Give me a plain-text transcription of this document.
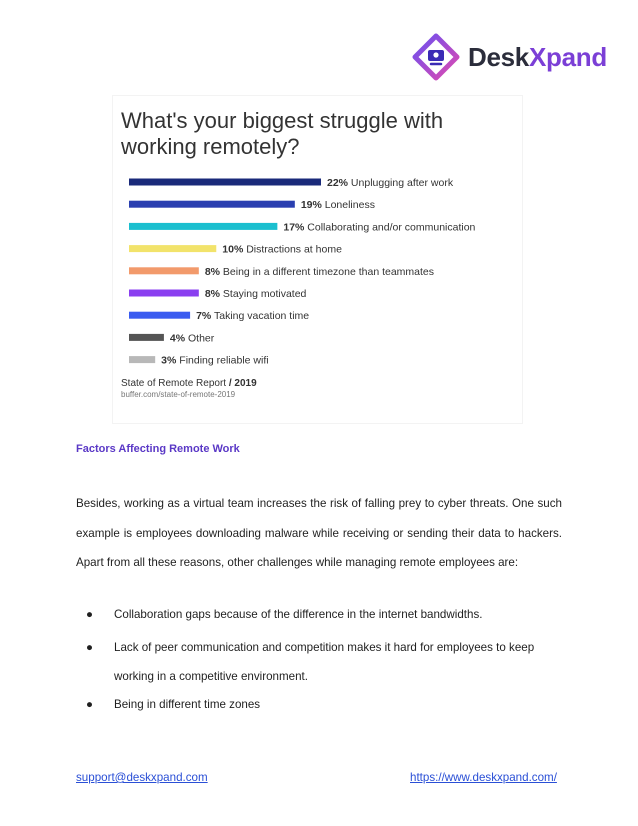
DeskXpand
What's your biggest struggle with
working remotely?
22% Unplugging after work
19% Loneliness
17% Collaborating and/or communication
10% Distractions at home
8% Being in a different timezone than teammates
8% Staying motivated
7% Taking vacation time
4% Other
3% Finding reliable wifi
State of Remote Report / 2019
buffer.com/state-of-remote-2019
Factors Affecting Remote Work
Besides, working as a virtual team increases the risk of falling prey to cyber threats. One such
example is employees downloading malware while receiving or sending their data to hackers.
Apart from all these reasons, other challenges while managing remote employees are:
●	Collaboration gaps because of the difference in the internet bandwidths.
●	Lack of peer communication and competition makes it hard for employees to keep
working in a competitive environment.
●	Being in different time zones
support@deskxpand.com	https://www.deskxpand.com/
